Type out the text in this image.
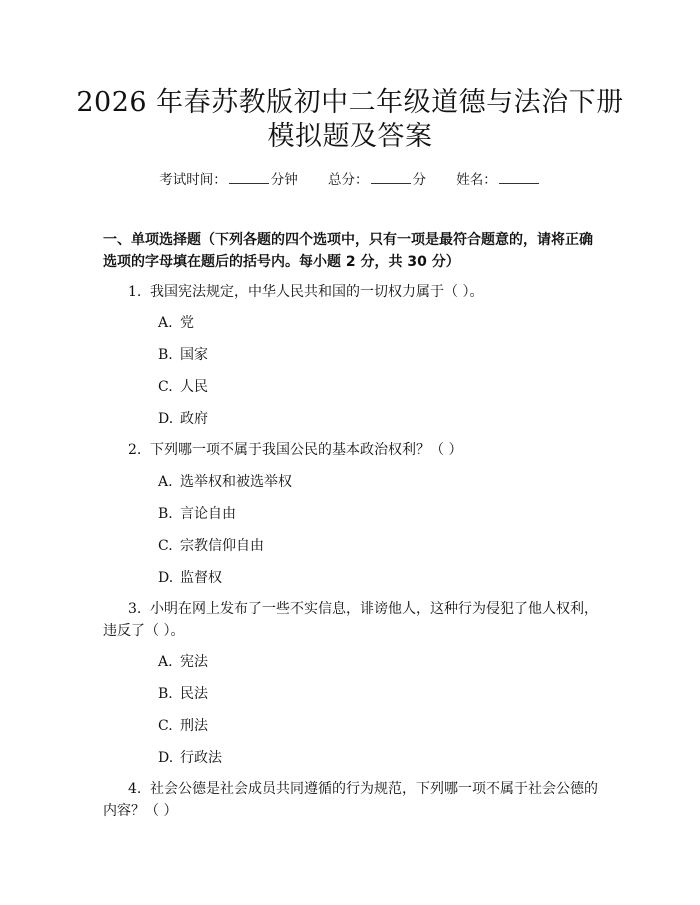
2026 年春苏教版初中二年级道德与法治下册
模拟题及答案
考试时间：	分钟 总分：	分 姓名：
一、单项选择题（下列各题的四个选项中，只有一项是最符合题意的，请将正确选项的字母填在题后的括号内。每小题 2 分，共 30 分）
1. 我国宪法规定，中华人民共和国的一切权力属于（ ）。
A. 党
B. 国家
C. 人民
D. 政府
2. 下列哪一项不属于我国公民的基本政治权利？（ ）
A. 选举权和被选举权
B. 言论自由
C. 宗教信仰自由
D. 监督权
3. 小明在网上发布了一些不实信息，诽谤他人，这种行为侵犯了他人权利，
违反了（ ）。
A. 宪法
B. 民法
C. 刑法
D. 行政法
4. 社会公德是社会成员共同遵循的行为规范，下列哪一项不属于社会公德的
内容？（ ）
